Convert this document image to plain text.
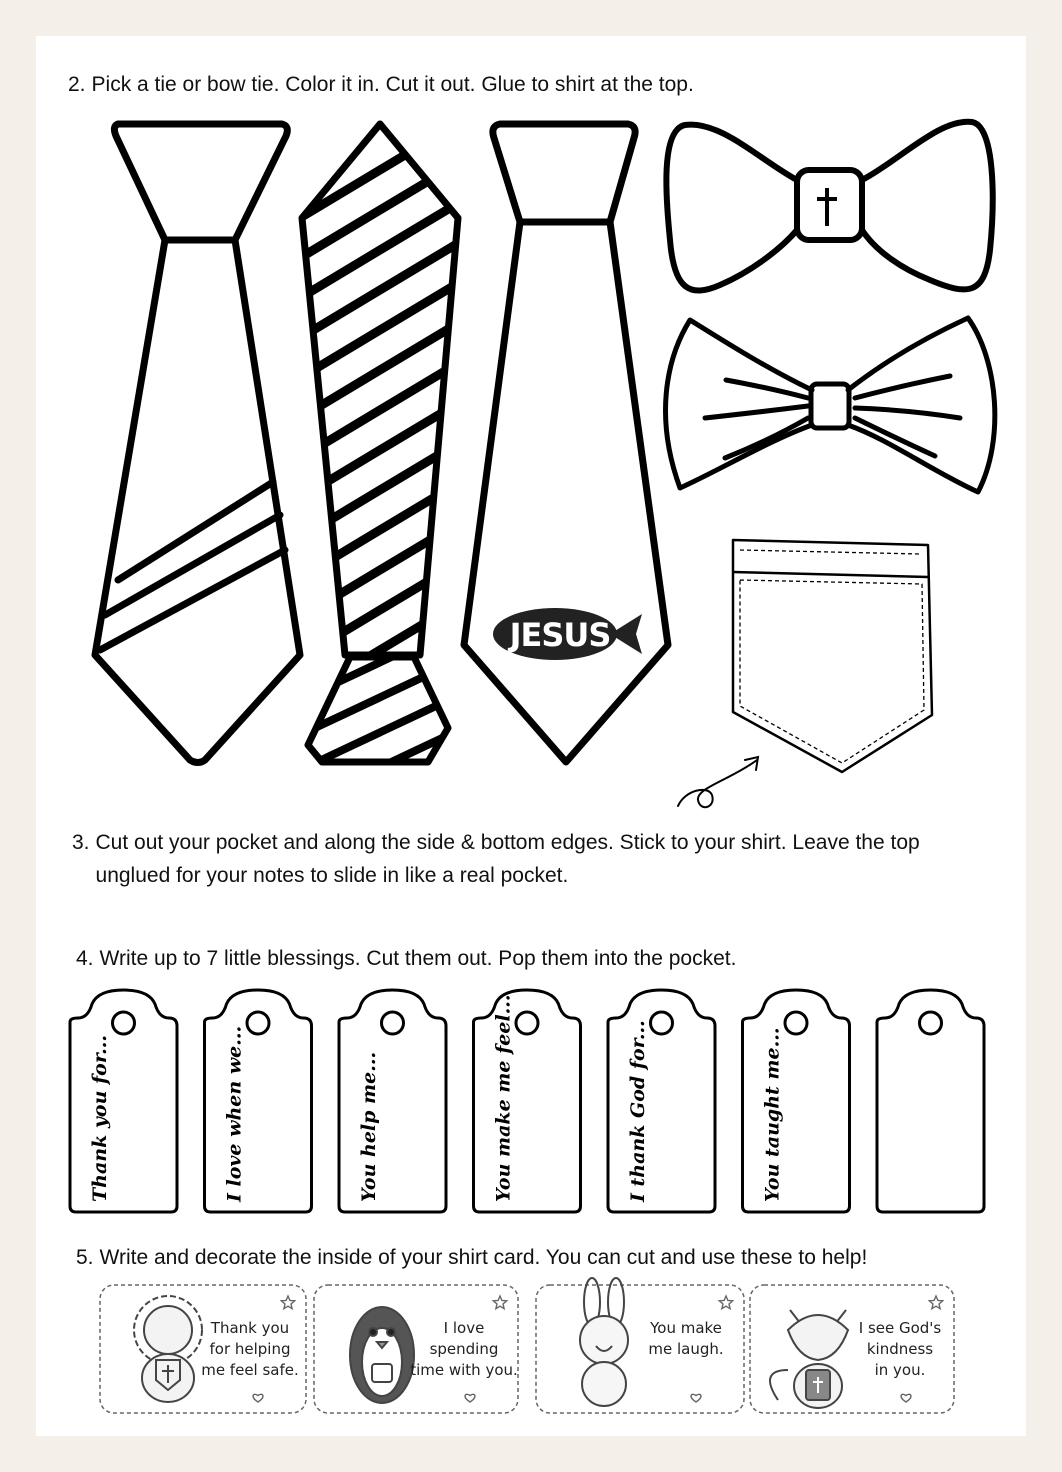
2. Pick a tie or bow tie. Color it in. Cut it out. Glue to shirt at the top.
JESUS
3. Cut out your pocket and along the side & bottom edges. Stick to your shirt. Leave the top unglued for your notes to slide in like a real pocket.
4. Write up to 7 little blessings. Cut them out. Pop them into the pocket.
Thank you for...	I love when we...	You help me...	You make me feel...	I thank God for...	You taught me...
5. Write and decorate the inside of your shirt card. You can cut and use these to help!
Thank you
for helping
me feel safe.
I love
spending
time with you.
You make
me laugh.
I see God's
kindness
in you.
